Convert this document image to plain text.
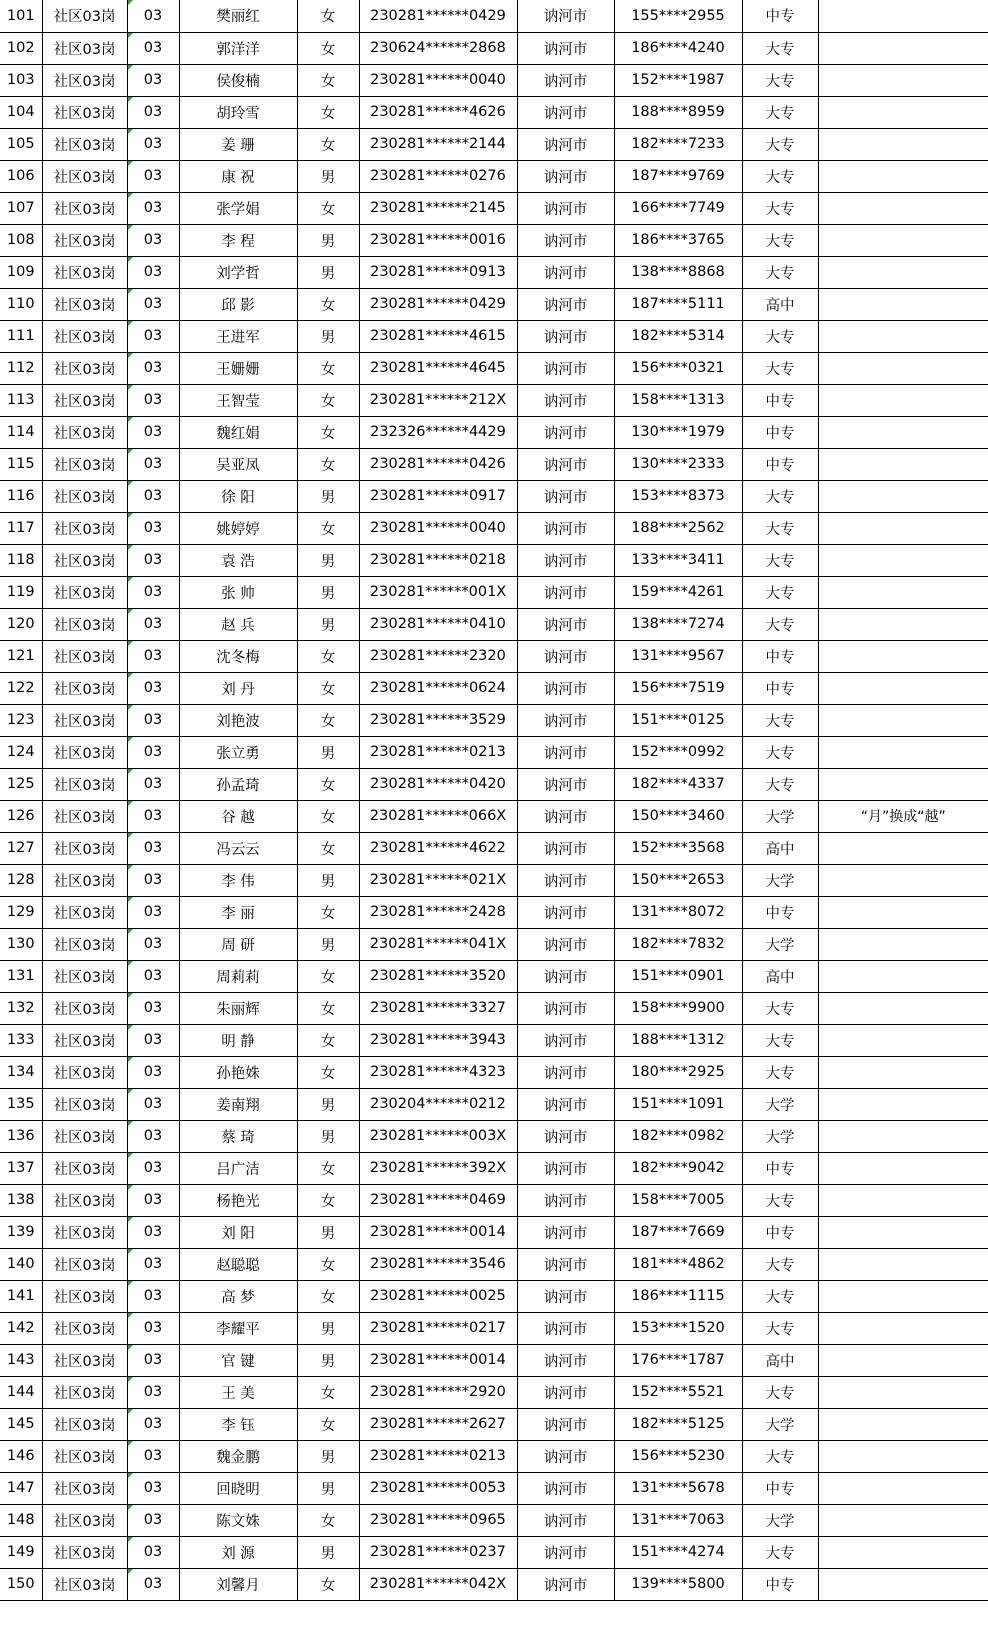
101	社区03岗	03	樊丽红	女	230281******0429	讷河市	155****2955	中专	
102	社区03岗	03	郭洋洋	女	230624******2868	讷河市	186****4240	大专	
103	社区03岗	03	侯俊楠	女	230281******0040	讷河市	152****1987	大专	
104	社区03岗	03	胡玲雪	女	230281******4626	讷河市	188****8959	大专	
105	社区03岗	03	姜 珊	女	230281******2144	讷河市	182****7233	大专	
106	社区03岗	03	康 祝	男	230281******0276	讷河市	187****9769	大专	
107	社区03岗	03	张学娟	女	230281******2145	讷河市	166****7749	大专	
108	社区03岗	03	李 程	男	230281******0016	讷河市	186****3765	大专	
109	社区03岗	03	刘学哲	男	230281******0913	讷河市	138****8868	大专	
110	社区03岗	03	邱 影	女	230281******0429	讷河市	187****5111	高中	
111	社区03岗	03	王进军	男	230281******4615	讷河市	182****5314	大专	
112	社区03岗	03	王姗姗	女	230281******4645	讷河市	156****0321	大专	
113	社区03岗	03	王智莹	女	230281******212X	讷河市	158****1313	中专	
114	社区03岗	03	魏红娟	女	232326******4429	讷河市	130****1979	中专	
115	社区03岗	03	吴亚凤	女	230281******0426	讷河市	130****2333	中专	
116	社区03岗	03	徐 阳	男	230281******0917	讷河市	153****8373	大专	
117	社区03岗	03	姚婷婷	女	230281******0040	讷河市	188****2562	大专	
118	社区03岗	03	袁 浩	男	230281******0218	讷河市	133****3411	大专	
119	社区03岗	03	张 帅	男	230281******001X	讷河市	159****4261	大专	
120	社区03岗	03	赵 兵	男	230281******0410	讷河市	138****7274	大专	
121	社区03岗	03	沈冬梅	女	230281******2320	讷河市	131****9567	中专	
122	社区03岗	03	刘 丹	女	230281******0624	讷河市	156****7519	中专	
123	社区03岗	03	刘艳波	女	230281******3529	讷河市	151****0125	大专	
124	社区03岗	03	张立勇	男	230281******0213	讷河市	152****0992	大专	
125	社区03岗	03	孙孟琦	女	230281******0420	讷河市	182****4337	大专	
126	社区03岗	03	谷 越	女	230281******066X	讷河市	150****3460	大学	“月”换成“越”
127	社区03岗	03	冯云云	女	230281******4622	讷河市	152****3568	高中	
128	社区03岗	03	李 伟	男	230281******021X	讷河市	150****2653	大学	
129	社区03岗	03	李 丽	女	230281******2428	讷河市	131****8072	中专	
130	社区03岗	03	周 研	男	230281******041X	讷河市	182****7832	大学	
131	社区03岗	03	周莉莉	女	230281******3520	讷河市	151****0901	高中	
132	社区03岗	03	朱丽辉	女	230281******3327	讷河市	158****9900	大专	
133	社区03岗	03	明 静	女	230281******3943	讷河市	188****1312	大专	
134	社区03岗	03	孙艳姝	女	230281******4323	讷河市	180****2925	大专	
135	社区03岗	03	姜南翔	男	230204******0212	讷河市	151****1091	大学	
136	社区03岗	03	蔡 琦	男	230281******003X	讷河市	182****0982	大学	
137	社区03岗	03	吕广洁	女	230281******392X	讷河市	182****9042	中专	
138	社区03岗	03	杨艳光	女	230281******0469	讷河市	158****7005	大专	
139	社区03岗	03	刘 阳	男	230281******0014	讷河市	187****7669	中专	
140	社区03岗	03	赵聪聪	女	230281******3546	讷河市	181****4862	大专	
141	社区03岗	03	高 梦	女	230281******0025	讷河市	186****1115	大专	
142	社区03岗	03	李耀平	男	230281******0217	讷河市	153****1520	大专	
143	社区03岗	03	官 键	男	230281******0014	讷河市	176****1787	高中	
144	社区03岗	03	王 美	女	230281******2920	讷河市	152****5521	大专	
145	社区03岗	03	李 钰	女	230281******2627	讷河市	182****5125	大学	
146	社区03岗	03	魏金鹏	男	230281******0213	讷河市	156****5230	大专	
147	社区03岗	03	回晓明	男	230281******0053	讷河市	131****5678	中专	
148	社区03岗	03	陈文姝	女	230281******0965	讷河市	131****7063	大学	
149	社区03岗	03	刘 源	男	230281******0237	讷河市	151****4274	大专	
150	社区03岗	03	刘馨月	女	230281******042X	讷河市	139****5800	中专	
